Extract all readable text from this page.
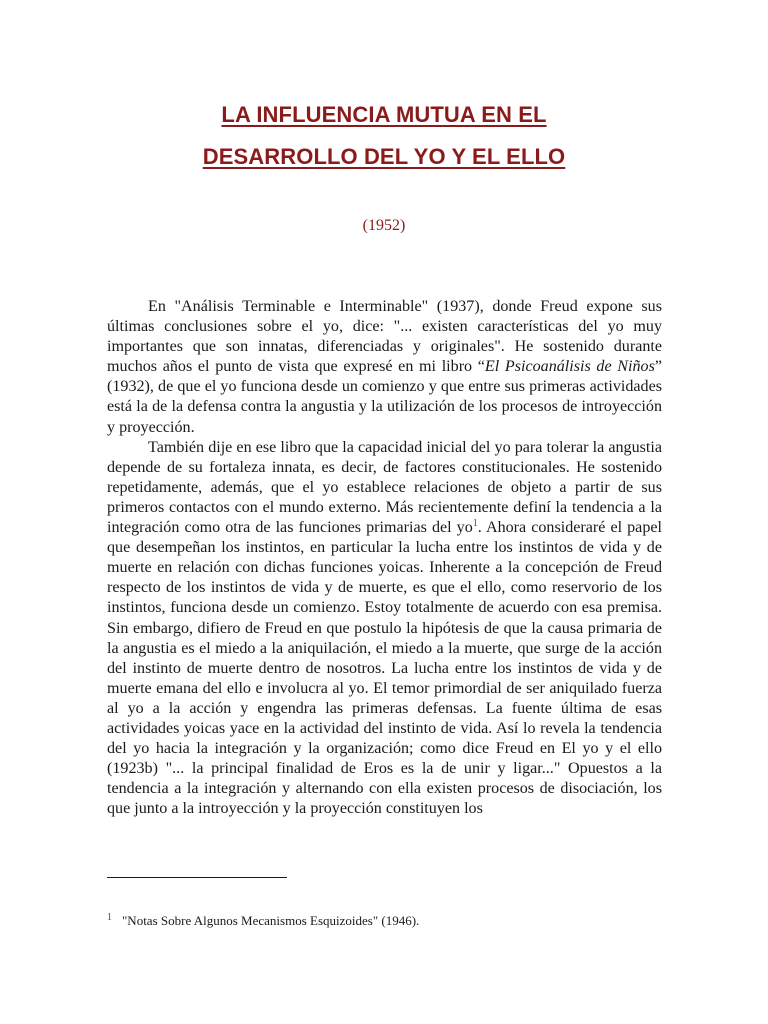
LA INFLUENCIA MUTUA EN EL
DESARROLLO DEL YO Y EL ELLO
(1952)

En "Análisis Terminable e Interminable" (1937), donde Freud expone sus últimas conclusiones sobre el yo, dice: "... existen características del yo muy importantes que son innatas, diferenciadas y originales". He sostenido durante muchos años el punto de vista que expresé en mi libro “El Psicoanálisis de Niños” (1932), de que el yo funciona desde un comienzo y que entre sus primeras actividades está la de la defensa contra la angustia y la utilización de los procesos de introyección y proyección.

También dije en ese libro que la capacidad inicial del yo para tolerar la angustia depende de su fortaleza innata, es decir, de factores constitucionales. He sostenido repetidamente, además, que el yo establece relaciones de objeto a partir de sus primeros contactos con el mundo externo. Más recientemente definí la tendencia a la integración como otra de las funciones primarias del yo$^1$. Ahora consideraré el papel que desempeñan los instintos, en particular la lucha entre los instintos de vida y de muerte en relación con dichas funciones yoicas. Inherente a la concepción de Freud respecto de los instintos de vida y de muerte, es que el ello, como reservorio de los instintos, funciona desde un comienzo. Estoy totalmente de acuerdo con esa premisa. Sin embargo, difiero de Freud en que postulo la hipótesis de que la causa primaria de la angustia es el miedo a la aniquilación, el miedo a la muerte, que surge de la acción del instinto de muerte dentro de nosotros. La lucha entre los instintos de vida y de muerte emana del ello e involucra al yo. El temor primordial de ser aniquilado fuerza al yo a la acción y engendra las primeras defensas. La fuente última de esas actividades yoicas yace en la actividad del instinto de vida. Así lo revela la tendencia del yo hacia la integración y la organización; como dice Freud en El yo y el ello (1923b) "... la principal finalidad de Eros es la de unir y ligar..." Opuestos a la tendencia a la integración y alternando con ella existen procesos de disociación, los que junto a la introyección y la proyección constituyen los

$^1$ "Notas Sobre Algunos Mecanismos Esquizoides" (1946).
